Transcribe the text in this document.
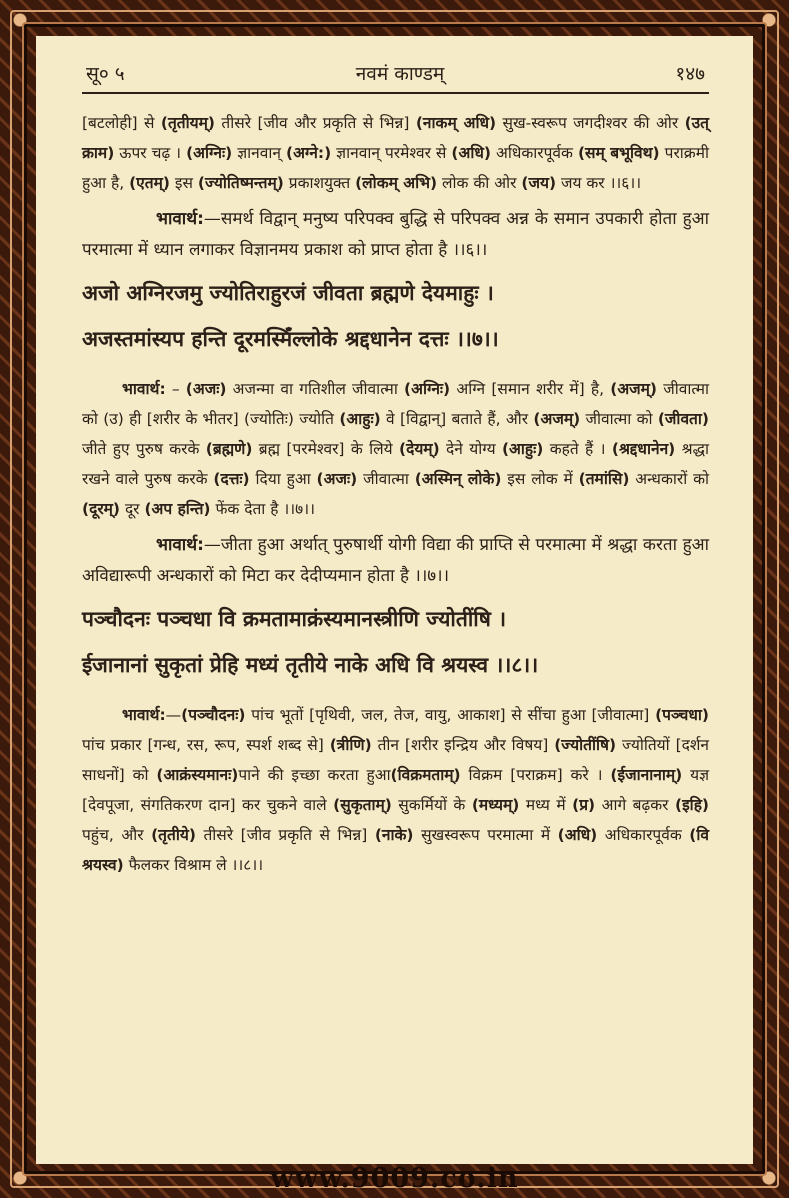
सू० ५	नवमं काण्डम्	१४७

[बटलोही] से (तृतीयम्) तीसरे [जीव और प्रकृति से भिन्न] (नाकम् अधि) सुख-स्वरूप जगदीश्वर की ओर (उत् क्राम) ऊपर चढ़ । (अग्निः) ज्ञानवान् (अग्ने:) ज्ञानवान् परमेश्वर से (अधि) अधिकारपूर्वक (सम् बभूविथ) पराक्रमी हुआ है, (एतम्) इस (ज्योतिष्मन्तम्) प्रकाशयुक्त (लोकम् अभि) लोक की ओर (जय) जय कर ।।६।।

भावार्थ:—समर्थ विद्वान् मनुष्य परिपक्व बुद्धि से परिपक्व अन्न के समान उपकारी होता हुआ परमात्मा में ध्यान लगाकर विज्ञानमय प्रकाश को प्राप्त होता है ।।६।।

अजो अग्निरजमु ज्योतिराहुरजं जीवता ब्रह्मणे देयमाहुः ।
अजस्तमांस्यप हन्ति दूरमस्मिँल्लोके श्रद्दधानेन दत्तः ।।७।।

भावार्थ: – (अजः) अजन्मा वा गतिशील जीवात्मा (अग्निः) अग्नि [समान शरीर में] है, (अजम्) जीवात्मा को (उ) ही [शरीर के भीतर] (ज्योतिः) ज्योति (आहुः) वे [विद्वान्] बताते हैं, और (अजम्) जीवात्मा को (जीवता) जीते हुए पुरुष करके (ब्रह्मणे) ब्रह्म [परमेश्वर] के लिये (देयम्) देने योग्य (आहुः) कहते हैं । (श्रद्दधानेन) श्रद्धा रखने वाले पुरुष करके (दत्तः) दिया हुआ (अजः) जीवात्मा (अस्मिन् लोके) इस लोक में (तमांसि) अन्धकारों को (दूरम्) दूर (अप हन्ति) फेंक देता है ।।७।।

भावार्थ:—जीता हुआ अर्थात् पुरुषार्थी योगी विद्या की प्राप्ति से परमात्मा में श्रद्धा करता हुआ अविद्यारूपी अन्धकारों को मिटा कर देदीप्यमान होता है ।।७।।

पञ्चौदनः पञ्चधा वि क्रमतामाक्रंस्यमानस्त्रीणि ज्योतींषि ।
ईजानानां सुकृतां प्रेहि मध्यं तृतीये नाके अधि वि श्रयस्व ।।८।।

भावार्थ:—(पञ्चौदनः) पांच भूतों [पृथिवी, जल, तेज, वायु, आकाश] से सींचा हुआ [जीवात्मा] (पञ्चधा) पांच प्रकार [गन्ध, रस, रूप, स्पर्श शब्द से] (त्रीणि) तीन [शरीर इन्द्रिय और विषय] (ज्योतींषि) ज्योतियों [दर्शन साधनों] को (आक्रंस्यमानः)पाने की इच्छा करता हुआ(विक्रमताम्) विक्रम [पराक्रम] करे । (ईजानानाम्) यज्ञ [देवपूजा, संगतिकरण दान] कर चुकने वाले (सुकृताम्) सुकर्मियों के (मध्यम्) मध्य में (प्र) आगे बढ़कर (इहि) पहुंच, और (तृतीये) तीसरे [जीव प्रकृति से भिन्न] (नाके) सुखस्वरूप परमात्मा में (अधि) अधिकारपूर्वक (वि श्रयस्व) फैलकर विश्राम ले ।।८।।

www.9009.co.in
